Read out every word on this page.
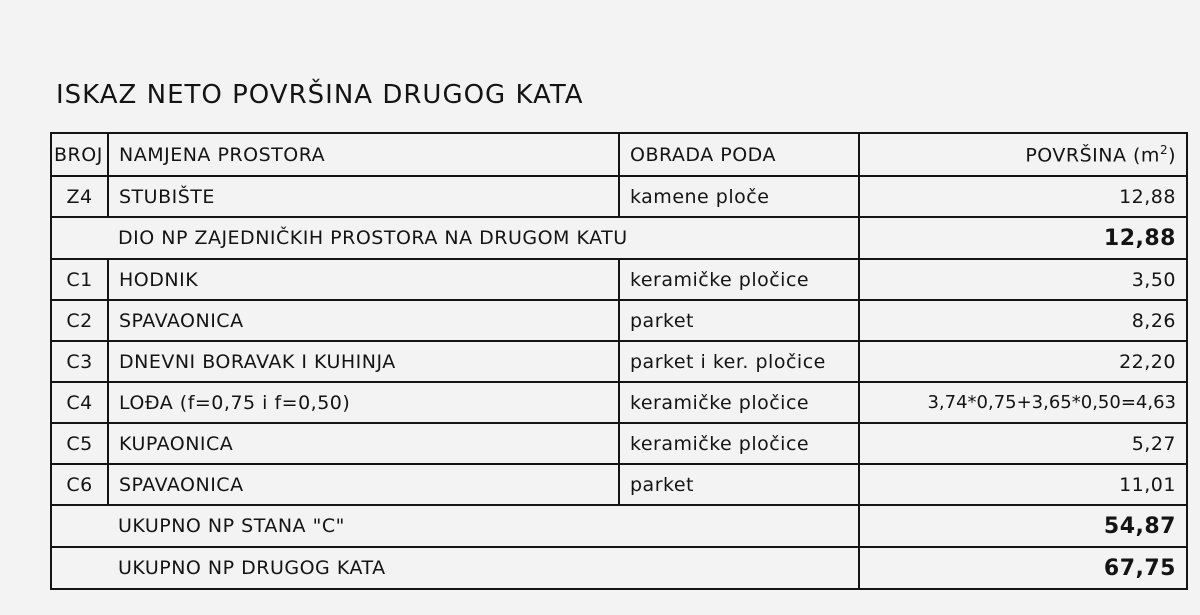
ISKAZ NETO POVRŠINA DRUGOG KATA
BROJ	NAMJENA PROSTORA	OBRADA PODA	POVRŠINA $(m^2)$
Z4	STUBIŠTE	kamene ploče	12,88
	DIO NP ZAJEDNIČKIH PROSTORA NA DRUGOM KATU		12,88
C1	HODNIK	keramičke pločice	3,50
C2	SPAVAONICA	parket	8,26
C3	DNEVNI BORAVAK I KUHINJA	parket i ker. pločice	22,20
C4	LOĐA (f=0,75 i f=0,50)	keramičke pločice	3,74*0,75+3,65*0,50=4,63
C5	KUPAONICA	keramičke pločice	5,27
C6	SPAVAONICA	parket	11,01
	UKUPNO NP STANA "C"		54,87
	UKUPNO NP DRUGOG KATA		67,75
